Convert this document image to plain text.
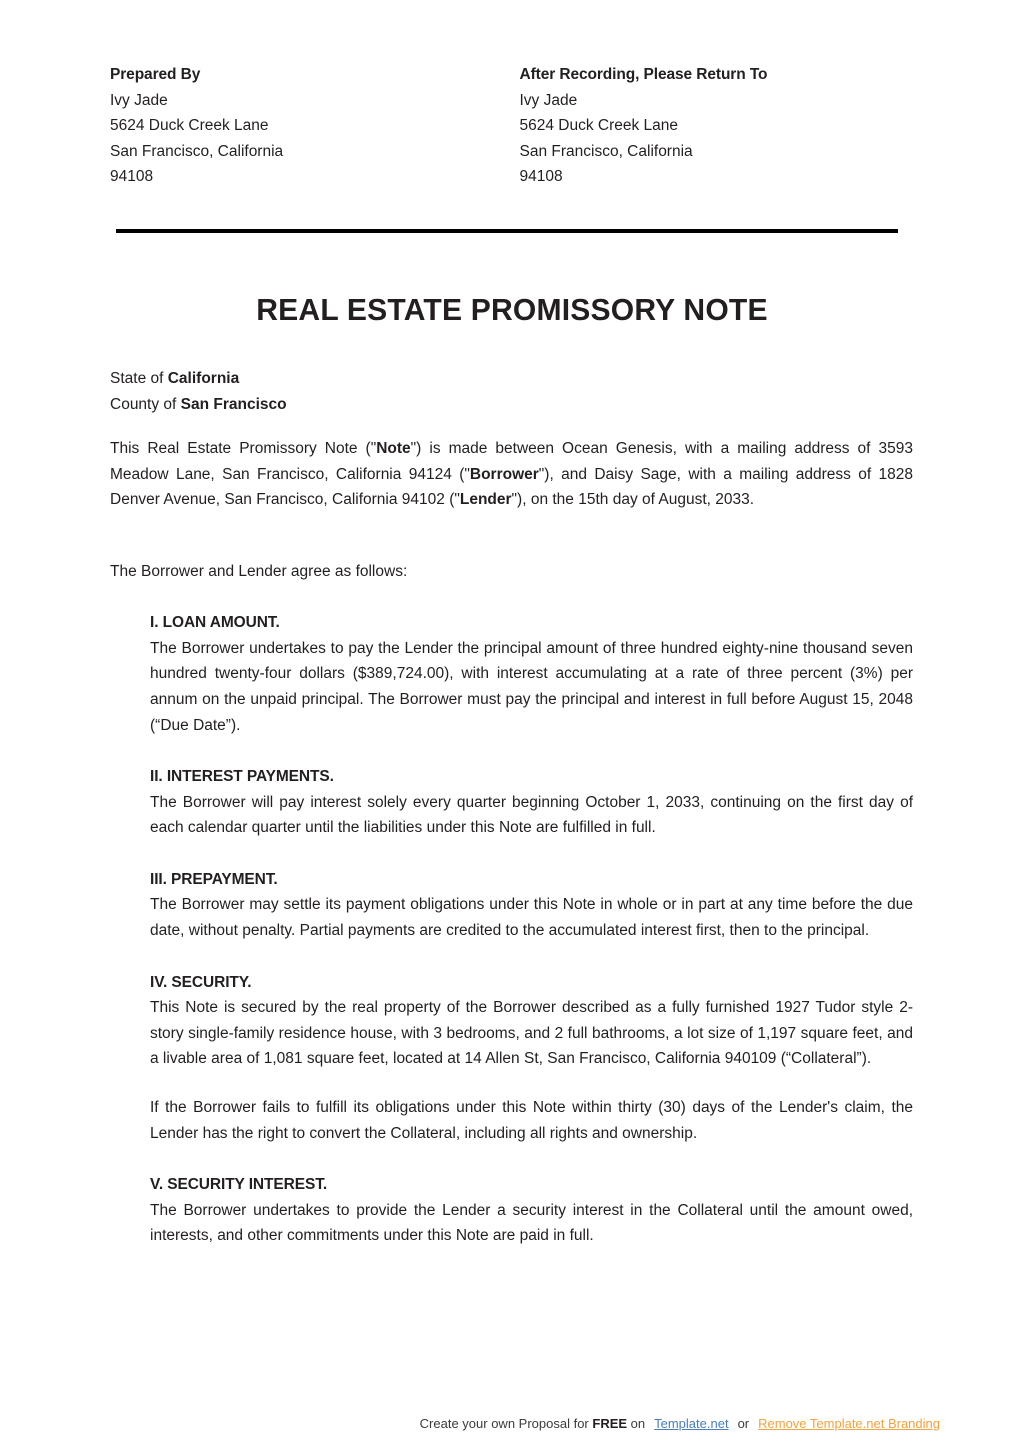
Prepared By
Ivy Jade
5624 Duck Creek Lane
San Francisco, California
94108
After Recording, Please Return To
Ivy Jade
5624 Duck Creek Lane
San Francisco, California
94108
REAL ESTATE PROMISSORY NOTE
State of California
County of San Francisco

This Real Estate Promissory Note ("Note") is made between Ocean Genesis, with a mailing address of 3593 Meadow Lane, San Francisco, California 94124 ("Borrower"), and Daisy Sage, with a mailing address of 1828 Denver Avenue, San Francisco, California 94102 ("Lender"), on the 15th day of August, 2033.

The Borrower and Lender agree as follows:

I. LOAN AMOUNT.

The Borrower undertakes to pay the Lender the principal amount of three hundred eighty-nine thousand seven hundred twenty-four dollars ($389,724.00), with interest accumulating at a rate of three percent (3%) per annum on the unpaid principal. The Borrower must pay the principal and interest in full before August 15, 2048 (“Due Date”).

II. INTEREST PAYMENTS.

The Borrower will pay interest solely every quarter beginning October 1, 2033, continuing on the first day of each calendar quarter until the liabilities under this Note are fulfilled in full.

III. PREPAYMENT.

The Borrower may settle its payment obligations under this Note in whole or in part at any time before the due date, without penalty. Partial payments are credited to the accumulated interest first, then to the principal.

IV. SECURITY.

This Note is secured by the real property of the Borrower described as a fully furnished 1927 Tudor style 2-story single-family residence house, with 3 bedrooms, and 2 full bathrooms, a lot size of 1,197 square feet, and a livable area of 1,081 square feet, located at 14 Allen St, San Francisco, California 940109 (“Collateral”).

If the Borrower fails to fulfill its obligations under this Note within thirty (30) days of the Lender's claim, the Lender has the right to convert the Collateral, including all rights and ownership.

V. SECURITY INTEREST.

The Borrower undertakes to provide the Lender a security interest in the Collateral until the amount owed, interests, and other commitments under this Note are paid in full.

Create your own Proposal for FREE on Template.net or Remove Template.net Branding
